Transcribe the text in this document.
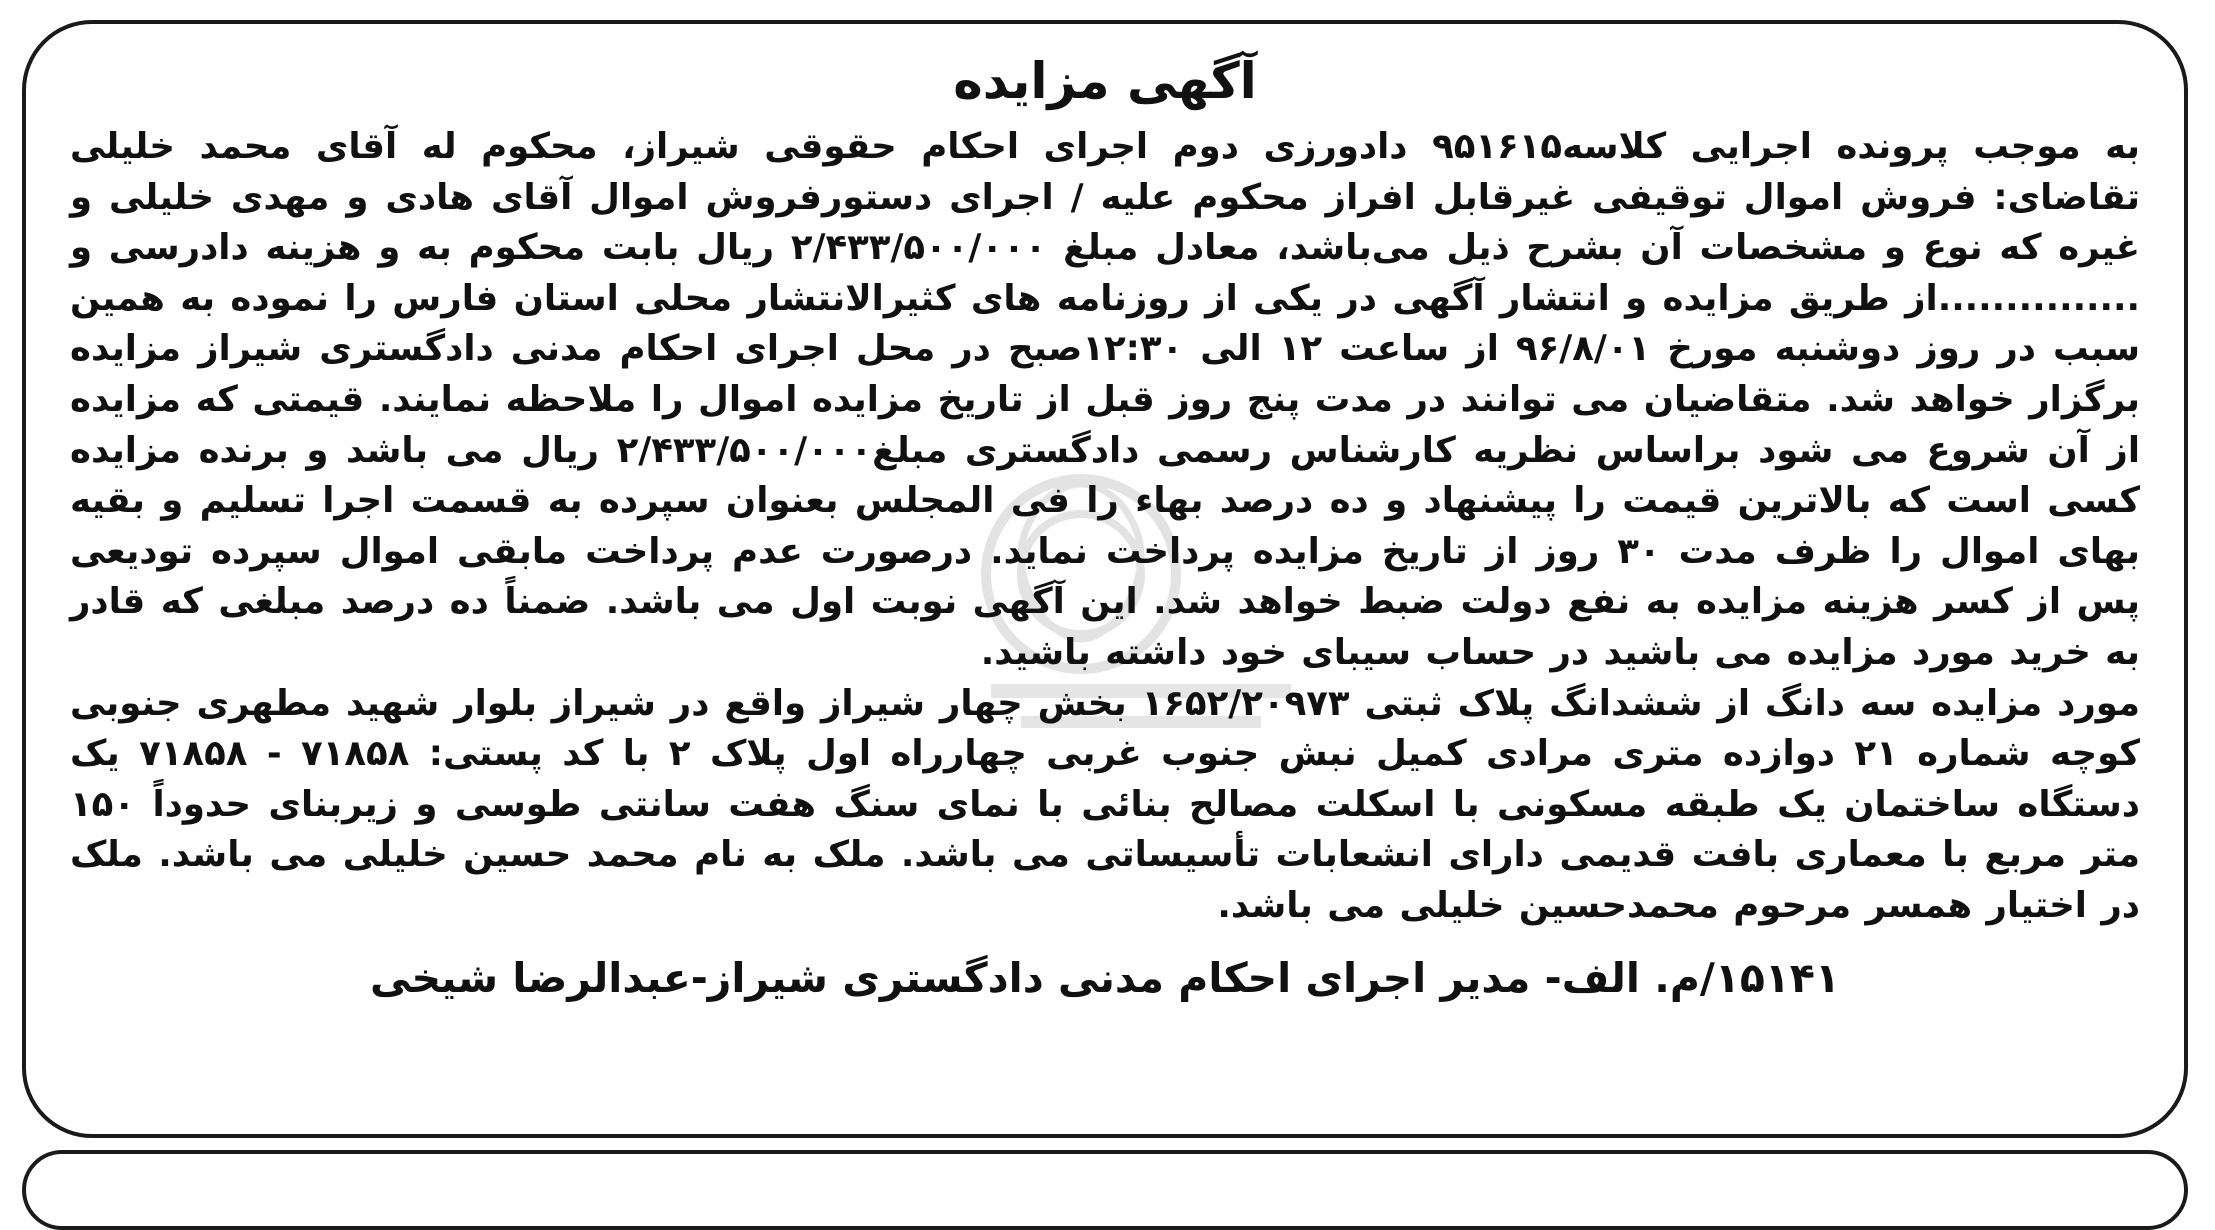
آگهی مزایده

به موجب پرونده اجرایی کلاسه۹۵۱۶۱۵ دادورزی دوم اجرای احکام حقوقی شیراز، محکوم له آقای محمد خلیلی تقاضای: فروش اموال توقیفی غیرقابل افراز محکوم علیه / اجرای دستورفروش اموال آقای هادی و مهدی خلیلی و غیره که نوع و مشخصات آن بشرح ذیل می‌باشد، معادل مبلغ ۲/۴۳۳/۵۰۰/۰۰۰ ریال بابت محکوم به و هزینه دادرسی و ...............از طریق مزایده و انتشار آگهی در یکی از روزنامه های کثیرالانتشار محلی استان فارس را نموده به همین سبب در روز دوشنبه مورخ ۹۶/۸/۰۱ از ساعت ۱۲ الی ۱۲:۳۰صبح در محل اجرای احکام مدنی دادگستری شیراز مزایده برگزار خواهد شد. متقاضیان می توانند در مدت پنج روز قبل از تاریخ مزایده اموال را ملاحظه نمایند. قیمتی که مزایده از آن شروع می شود براساس نظریه کارشناس رسمی دادگستری مبلغ۲/۴۳۳/۵۰۰/۰۰۰ ریال می باشد و برنده مزایده کسی است که بالاترین قیمت را پیشنهاد و ده درصد بهاء را فی المجلس بعنوان سپرده به قسمت اجرا تسلیم و بقیه بهای اموال را ظرف مدت ۳۰ روز از تاریخ مزایده پرداخت نماید. درصورت عدم پرداخت مابقی اموال سپرده تودیعی پس از کسر هزینه مزایده به نفع دولت ضبط خواهد شد. این آگهی نوبت اول می باشد. ضمناً ده درصد مبلغی که قادر به خرید مورد مزایده می باشید در حساب سیبای خود داشته باشید.

مورد مزایده سه دانگ از ششدانگ پلاک ثبتی ۱۶۵۲/۲۰۹۷۳ بخش چهار شیراز واقع در شیراز بلوار شهید مطهری جنوبی کوچه شماره ۲۱ دوازده متری مرادی کمیل نبش جنوب غربی چهارراه اول پلاک ۲ با کد پستی: ۷۱۸۵۸ - ۷۱۸۵۸ یک دستگاه ساختمان یک طبقه مسکونی با اسکلت مصالح بنائی با نمای سنگ هفت سانتی طوسی و زیربنای حدوداً ۱۵۰ متر مربع با معماری بافت قدیمی دارای انشعابات تأسیساتی می باشد. ملک به نام محمد حسین خلیلی می باشد. ملک در اختیار همسر مرحوم محمدحسین خلیلی می باشد.

۱۵۱۴۱/م. الف- مدیر اجرای احکام مدنی دادگستری شیراز-عبدالرضا شیخی
